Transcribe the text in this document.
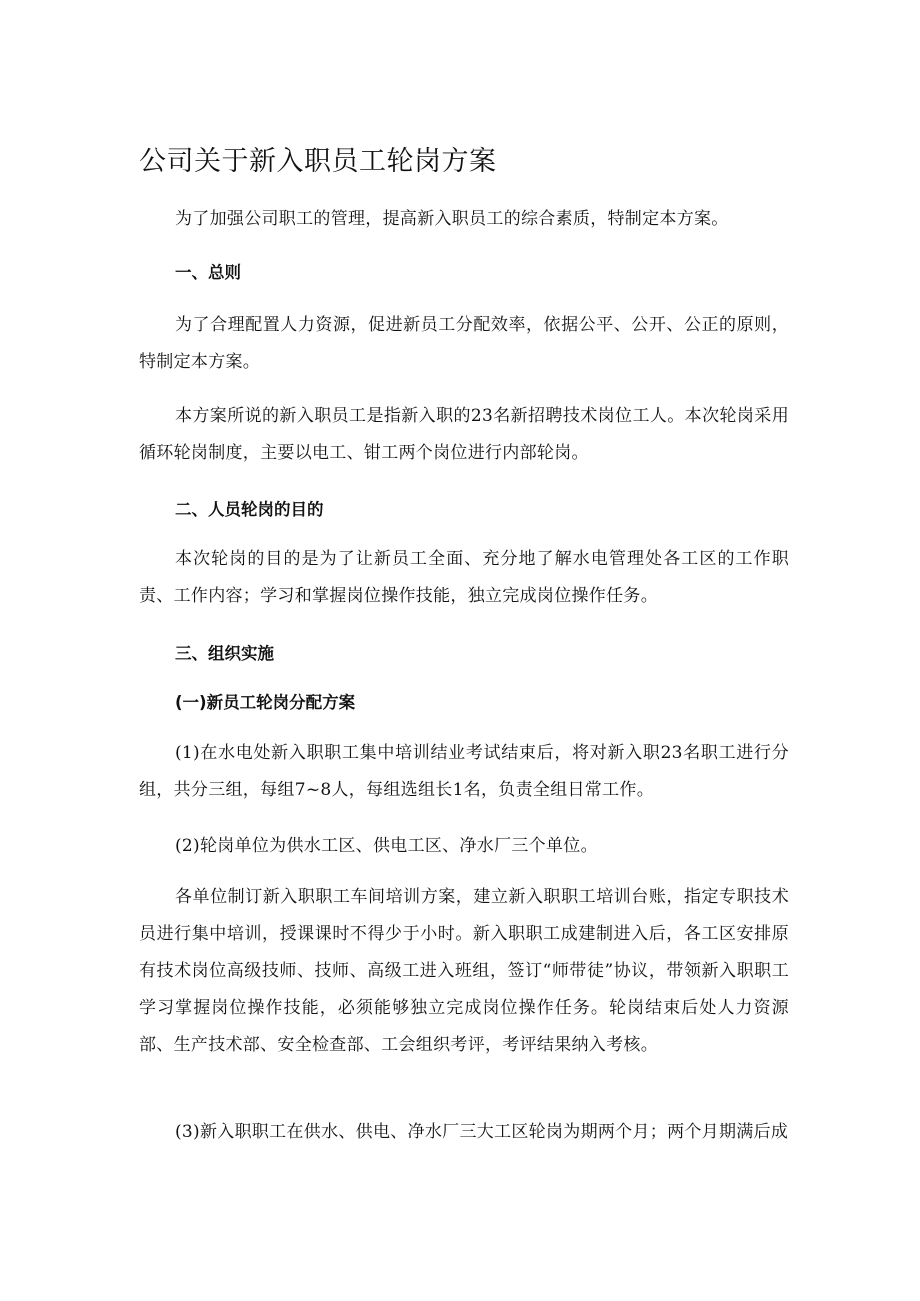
公司关于新入职员工轮岗方案
为了加强公司职工的管理，提高新入职员工的综合素质，特制定本方案。
一、总则
为了合理配置人力资源，促进新员工分配效率，依据公平、公开、公正的原则，特制定本方案。
本方案所说的新入职员工是指新入职的23名新招聘技术岗位工人。本次轮岗采用循环轮岗制度，主要以电工、钳工两个岗位进行内部轮岗。
二、人员轮岗的目的
本次轮岗的目的是为了让新员工全面、充分地了解水电管理处各工区的工作职责、工作内容；学习和掌握岗位操作技能，独立完成岗位操作任务。
三、组织实施
(一)新员工轮岗分配方案
(1)在水电处新入职职工集中培训结业考试结束后，将对新入职23名职工进行分组，共分三组，每组7~8人，每组选组长1名，负责全组日常工作。
(2)轮岗单位为供水工区、供电工区、净水厂三个单位。
各单位制订新入职职工车间培训方案，建立新入职职工培训台账，指定专职技术员进行集中培训，授课课时不得少于小时。新入职职工成建制进入后，各工区安排原有技术岗位高级技师、技师、高级工进入班组，签订“师带徒”协议，带领新入职职工学习掌握岗位操作技能，必须能够独立完成岗位操作任务。轮岗结束后处人力资源部、生产技术部、安全检查部、工会组织考评，考评结果纳入考核。
(3)新入职职工在供水、供电、净水厂三大工区轮岗为期两个月；两个月期满后成
